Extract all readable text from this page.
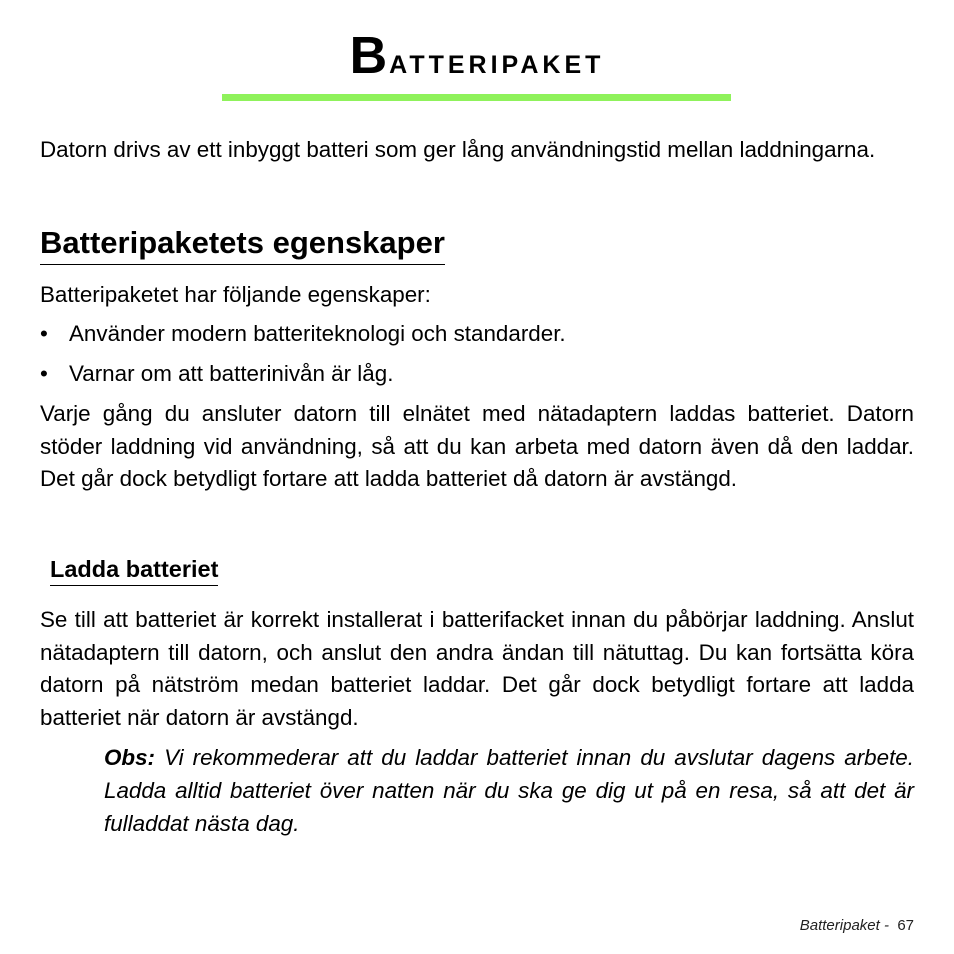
Batteripaket

Datorn drivs av ett inbyggt batteri som ger lång användningstid mellan laddningarna.

Batteripaketets egenskaper

Batteripaketet har följande egenskaper:

• Använder modern batteriteknologi och standarder.
• Varnar om att batterinivån är låg.

Varje gång du ansluter datorn till elnätet med nätadaptern laddas batteriet. Datorn stöder laddning vid användning, så att du kan arbeta med datorn även då den laddar. Det går dock betydligt fortare att ladda batteriet då datorn är avstängd.

Ladda batteriet

Se till att batteriet är korrekt installerat i batterifacket innan du påbörjar laddning. Anslut nätadaptern till datorn, och anslut den andra ändan till nätuttag. Du kan fortsätta köra datorn på nätström medan batteriet laddar. Det går dock betydligt fortare att ladda batteriet när datorn är avstängd.

Obs: Vi rekommederar att du laddar batteriet innan du avslutar dagens arbete. Ladda alltid batteriet över natten när du ska ge dig ut på en resa, så att det är fulladdat nästa dag.

Batteripaket - 67
